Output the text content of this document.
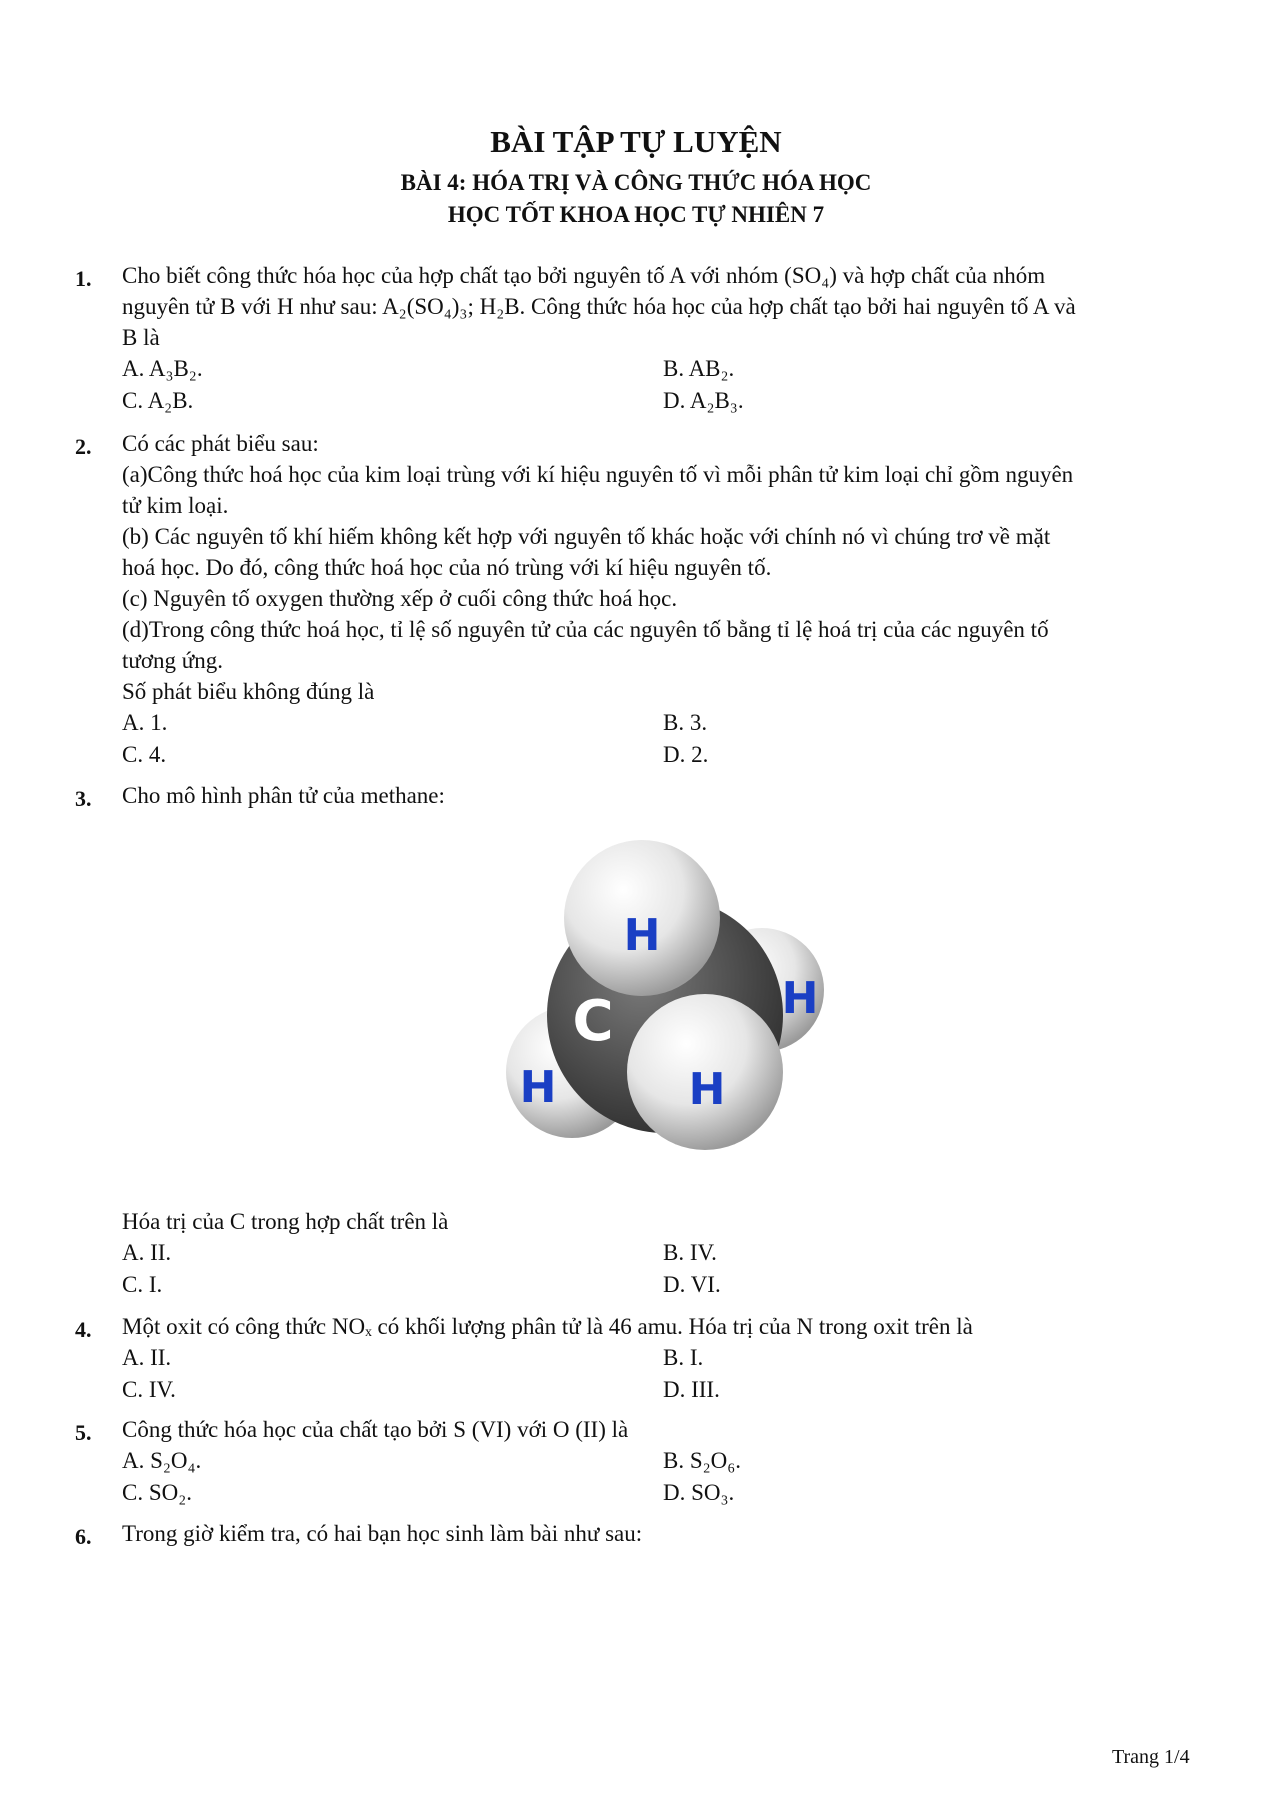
BÀI TẬP TỰ LUYỆN
BÀI 4: HÓA TRỊ VÀ CÔNG THỨC HÓA HỌC
HỌC TỐT KHOA HỌC TỰ NHIÊN 7
1. Cho biết công thức hóa học của hợp chất tạo bởi nguyên tố A với nhóm (SO₄) và hợp chất của nhóm
nguyên tử B với H như sau: A₂(SO₄)₃; H₂B. Công thức hóa học của hợp chất tạo bởi hai nguyên tố A và
B là
A. A₃B₂.	B. AB₂.
C. A₂B.	D. A₂B₃.
2. Có các phát biểu sau:
(a)Công thức hoá học của kim loại trùng với kí hiệu nguyên tố vì mỗi phân tử kim loại chỉ gồm nguyên
tử kim loại.
(b) Các nguyên tố khí hiếm không kết hợp với nguyên tố khác hoặc với chính nó vì chúng trơ về mặt
hoá học. Do đó, công thức hoá học của nó trùng với kí hiệu nguyên tố.
(c) Nguyên tố oxygen thường xếp ở cuối công thức hoá học.
(d)Trong công thức hoá học, tỉ lệ số nguyên tử của các nguyên tố bằng tỉ lệ hoá trị của các nguyên tố
tương ứng.
Số phát biểu không đúng là
A. 1.	B. 3.
C. 4.	D. 2.
3. Cho mô hình phân tử của methane:
H
H
C
H	H
Hóa trị của C trong hợp chất trên là
A. II.	B. IV.
C. I.	D. VI.
4. Một oxit có công thức NOₓ có khối lượng phân tử là 46 amu. Hóa trị của N trong oxit trên là
A. II.	B. I.
C. IV.	D. III.
5. Công thức hóa học của chất tạo bởi S (VI) với O (II) là
A. S₂O₄.	B. S₂O₆.
C. SO₂.	D. SO₃.
6. Trong giờ kiểm tra, có hai bạn học sinh làm bài như sau:
Trang 1/4
